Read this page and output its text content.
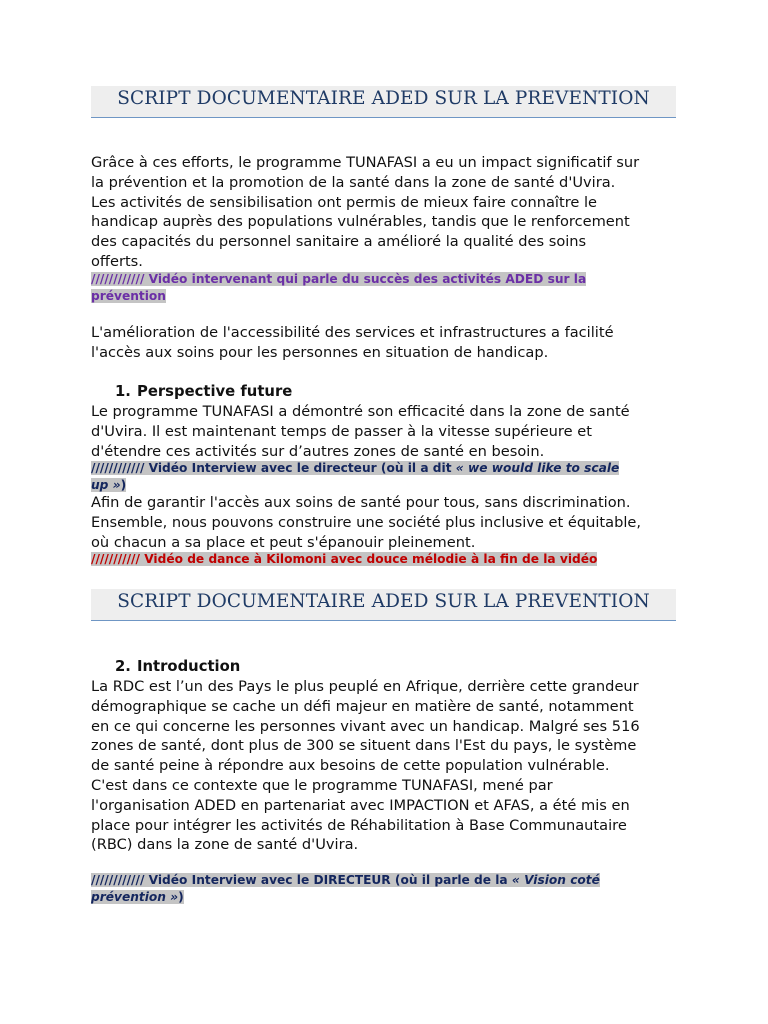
SCRIPT DOCUMENTAIRE ADED SUR LA PREVENTION
Grâce à ces efforts, le programme TUNAFASI a eu un impact significatif sur
la prévention et la promotion de la santé dans la zone de santé d'Uvira.
Les activités de sensibilisation ont permis de mieux faire connaître le
handicap auprès des populations vulnérables, tandis que le renforcement
des capacités du personnel sanitaire a amélioré la qualité des soins
offerts.
//////////// Vidéo intervenant qui parle du succès des activités ADED sur la
prévention
L'amélioration de l'accessibilité des services et infrastructures a facilité
l'accès aux soins pour les personnes en situation de handicap.
1. Perspective future
Le programme TUNAFASI a démontré son efficacité dans la zone de santé
d'Uvira. Il est maintenant temps de passer à la vitesse supérieure et
d'étendre ces activités sur d’autres zones de santé en besoin.
//////////// Vidéo Interview avec le directeur (où il a dit « we would like to scale
up »)
Afin de garantir l'accès aux soins de santé pour tous, sans discrimination.
Ensemble, nous pouvons construire une société plus inclusive et équitable,
où chacun a sa place et peut s'épanouir pleinement.
/////////// Vidéo de dance à Kilomoni avec douce mélodie à la fin de la vidéo
SCRIPT DOCUMENTAIRE ADED SUR LA PREVENTION
2. Introduction
La RDC est l’un des Pays le plus peuplé en Afrique, derrière cette grandeur
démographique se cache un défi majeur en matière de santé, notamment
en ce qui concerne les personnes vivant avec un handicap. Malgré ses 516
zones de santé, dont plus de 300 se situent dans l'Est du pays, le système
de santé peine à répondre aux besoins de cette population vulnérable.
C'est dans ce contexte que le programme TUNAFASI, mené par
l'organisation ADED en partenariat avec IMPACTION et AFAS, a été mis en
place pour intégrer les activités de Réhabilitation à Base Communautaire
(RBC) dans la zone de santé d'Uvira.
//////////// Vidéo Interview avec le DIRECTEUR (où il parle de la « Vision coté
prévention »)
